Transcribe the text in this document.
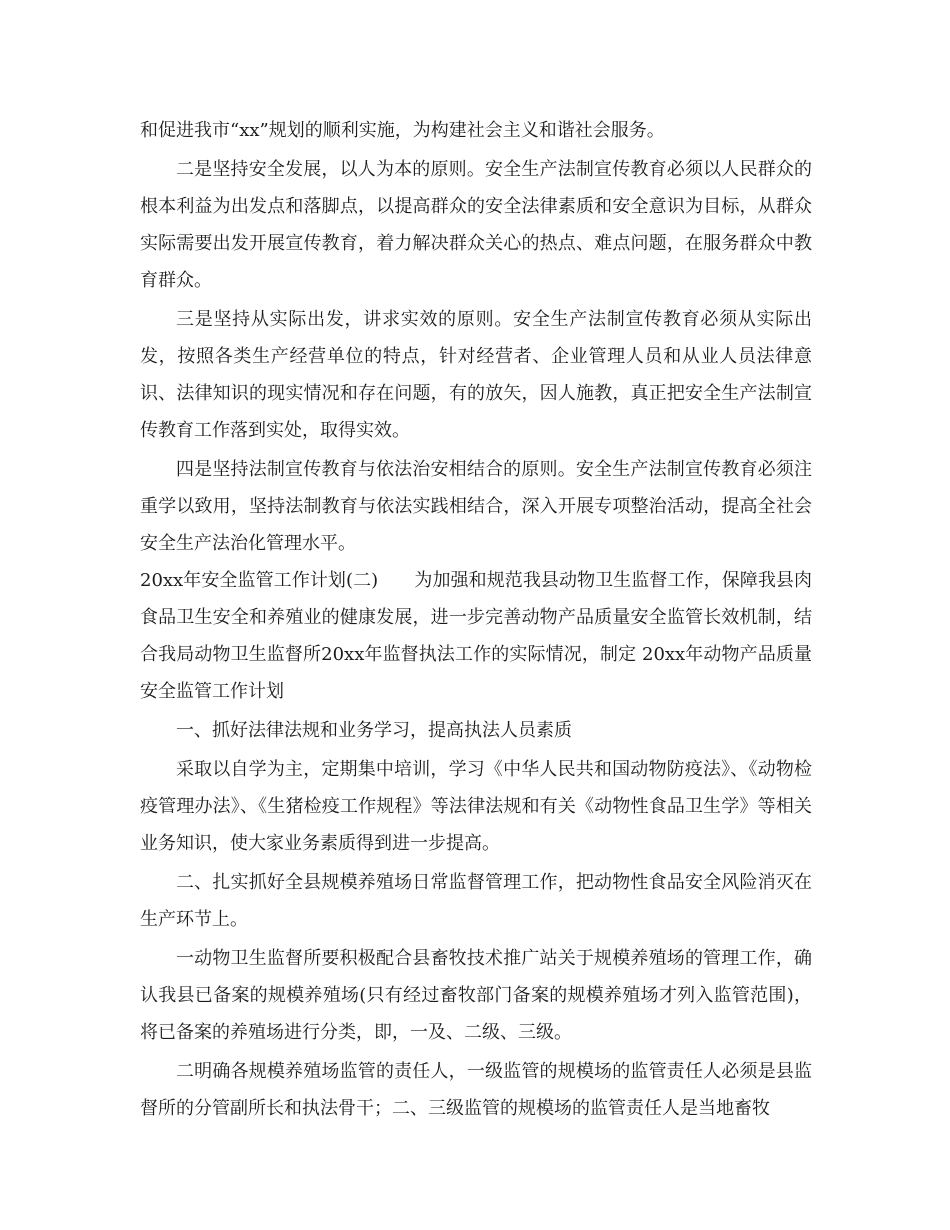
和促进我市“xx”规划的顺利实施，为构建社会主义和谐社会服务。

二是坚持安全发展，以人为本的原则。安全生产法制宣传教育必须以人民群众的根本利益为出发点和落脚点，以提高群众的安全法律素质和安全意识为目标，从群众实际需要出发开展宣传教育，着力解决群众关心的热点、难点问题，在服务群众中教育群众。

三是坚持从实际出发，讲求实效的原则。安全生产法制宣传教育必须从实际出发，按照各类生产经营单位的特点，针对经营者、企业管理人员和从业人员法律意识、法律知识的现实情况和存在问题，有的放矢，因人施教，真正把安全生产法制宣传教育工作落到实处，取得实效。

四是坚持法制宣传教育与依法治安相结合的原则。安全生产法制宣传教育必须注重学以致用，坚持法制教育与依法实践相结合，深入开展专项整治活动，提高全社会安全生产法治化管理水平。

20xx年安全监管工作计划(二)　　为加强和规范我县动物卫生监督工作，保障我县肉食品卫生安全和养殖业的健康发展，进一步完善动物产品质量安全监管长效机制，结合我局动物卫生监督所20xx年监督执法工作的实际情况，制定 20xx年动物产品质量安全监管工作计划

一、抓好法律法规和业务学习，提高执法人员素质

采取以自学为主，定期集中培训，学习《中华人民共和国动物防疫法》、《动物检疫管理办法》、《生猪检疫工作规程》等法律法规和有关《动物性食品卫生学》等相关业务知识，使大家业务素质得到进一步提高。

二、扎实抓好全县规模养殖场日常监督管理工作，把动物性食品安全风险消灭在生产环节上。

一动物卫生监督所要积极配合县畜牧技术推广站关于规模养殖场的管理工作，确认我县已备案的规模养殖场(只有经过畜牧部门备案的规模养殖场才列入监管范围)，将已备案的养殖场进行分类，即，一及、二级、三级。

二明确各规模养殖场监管的责任人，一级监管的规模场的监管责任人必须是县监督所的分管副所长和执法骨干；二、三级监管的规模场的监管责任人是当地畜牧
